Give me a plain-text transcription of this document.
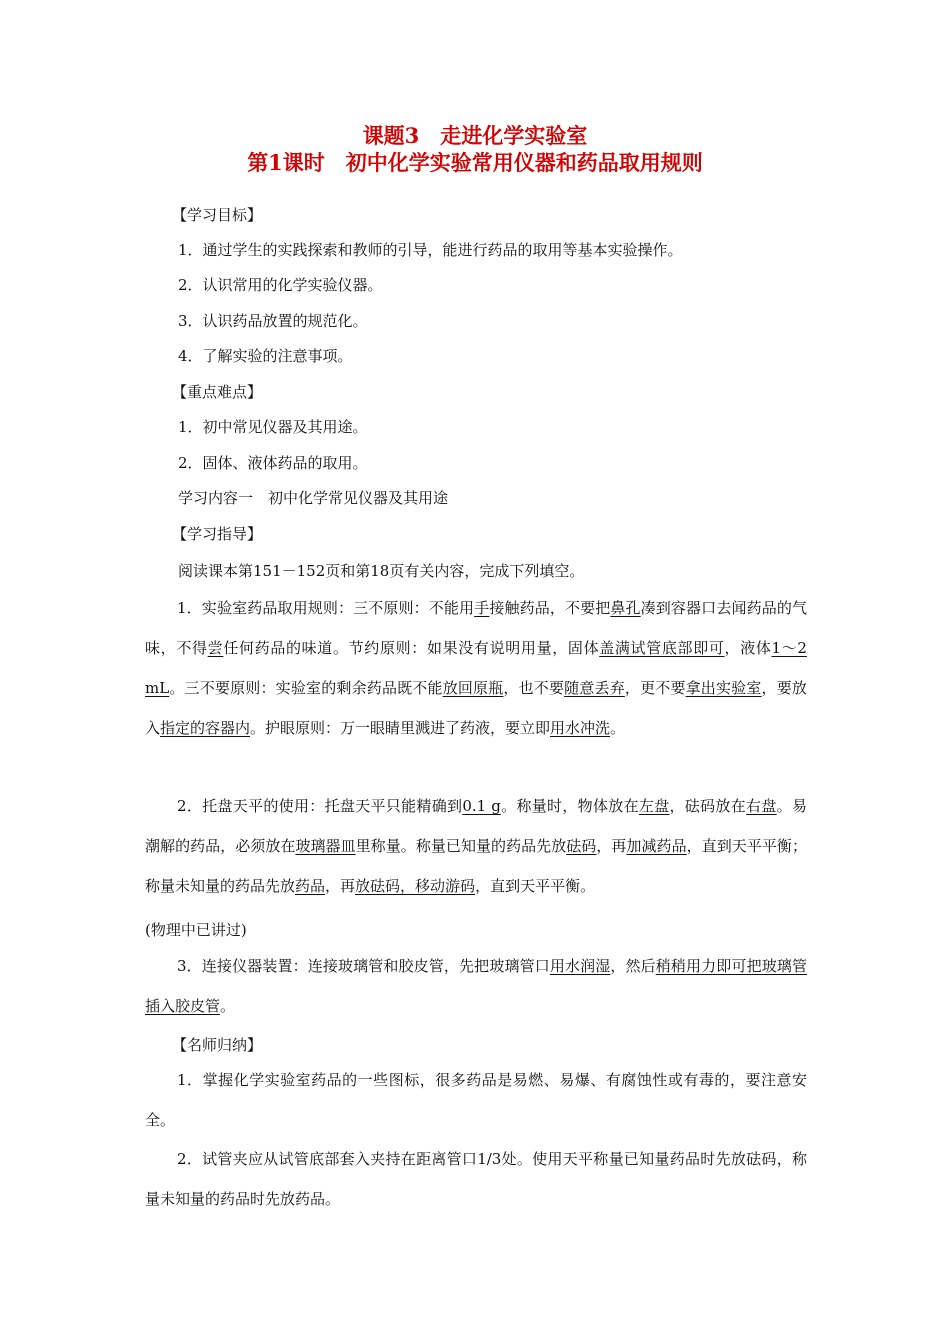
课题3　走进化学实验室
第1课时　初中化学实验常用仪器和药品取用规则
【学习目标】
1．通过学生的实践探索和教师的引导，能进行药品的取用等基本实验操作。
2．认识常用的化学实验仪器。
3．认识药品放置的规范化。
4．了解实验的注意事项。
【重点难点】
1．初中常见仪器及其用途。
2．固体、液体药品的取用。
学习内容一　初中化学常见仪器及其用途
【学习指导】
阅读课本第151－152页和第18页有关内容，完成下列填空。
1．实验室药品取用规则：三不原则：不能用手接触药品，不要把鼻孔凑到容器口去闻药品的气味，不得尝任何药品的味道。节约原则：如果没有说明用量，固体盖满试管底部即可，液体1～2 mL。三不要原则：实验室的剩余药品既不能放回原瓶，也不要随意丢弃，更不要拿出实验室，要放入指定的容器内。护眼原则：万一眼睛里溅进了药液，要立即用水冲洗。
2．托盘天平的使用：托盘天平只能精确到0.1 g。称量时，物体放在左盘，砝码放在右盘。易潮解的药品，必须放在玻璃器皿里称量。称量已知量的药品先放砝码，再加减药品，直到天平平衡；称量未知量的药品先放药品，再放砝码，移动游码，直到天平平衡。
(物理中已讲过)
3．连接仪器装置：连接玻璃管和胶皮管，先把玻璃管口用水润湿，然后稍稍用力即可把玻璃管插入胶皮管。
【名师归纳】
1．掌握化学实验室药品的一些图标，很多药品是易燃、易爆、有腐蚀性或有毒的，要注意安全。
2．试管夹应从试管底部套入夹持在距离管口1/3处。使用天平称量已知量药品时先放砝码，称量未知量的药品时先放药品。
